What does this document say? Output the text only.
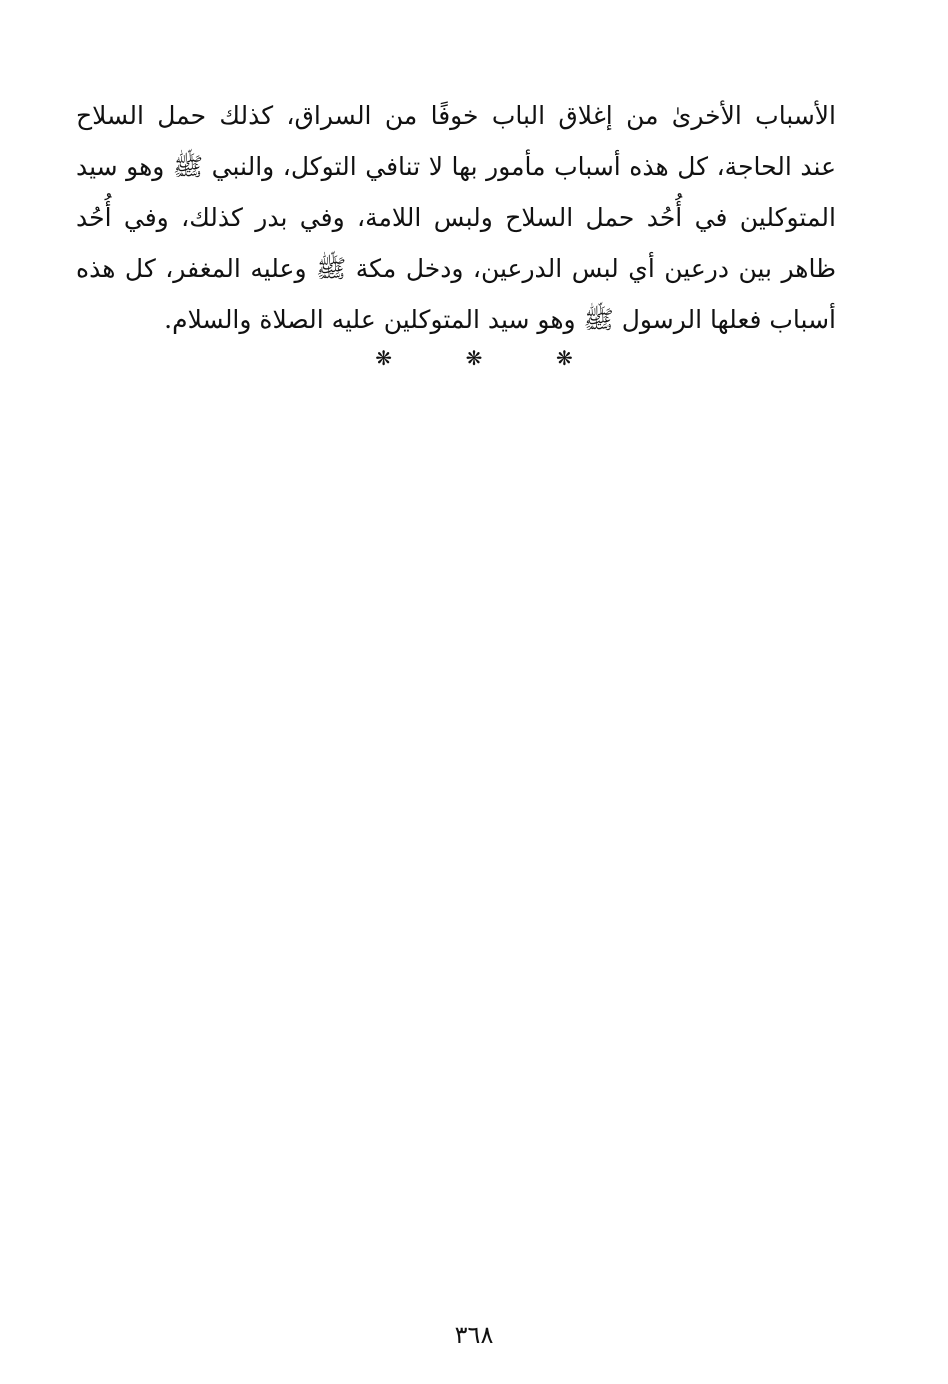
الأسباب الأخرىٰ من إغلاق الباب خوفًا من السراق، كذلك حمل السلاح
عند الحاجة، كل هذه أسباب مأمور بها لا تنافي التوكل، والنبي ﷺ وهو سيد
المتوكلين في أُحُد حمل السلاح ولبس اللامة، وفي بدر كذلك، وفي أُحُد
ظاهر بين درعين أي لبس الدرعين، ودخل مكة ﷺ وعليه المغفر، كل هذه
أسباب فعلها الرسول ﷺ وهو سيد المتوكلين عليه الصلاة والسلام.

❋	❋	❋
٣٦٨
